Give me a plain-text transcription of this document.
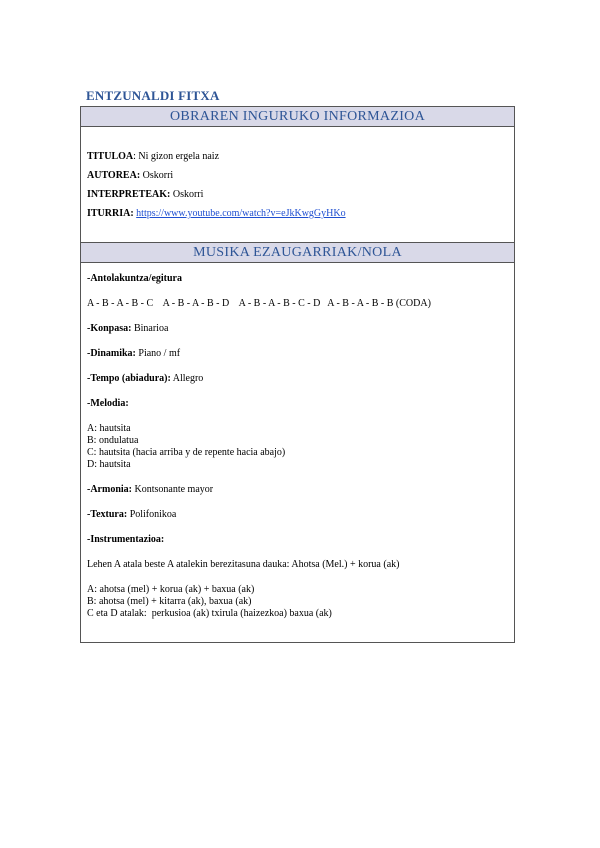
ENTZUNALDI FITXA
OBRAREN INGURUKO INFORMAZIOA
TITULOA: Ni gizon ergela naiz
AUTOREA: Oskorri
INTERPRETEAK: Oskorri
ITURRIA: https://www.youtube.com/watch?v=eJkKwgGyHKo
MUSIKA EZAUGARRIAK/NOLA
-Antolakuntza/egitura
A - B - A - B - C    A - B - A - B - D    A - B - A - B - C - D   A - B - A - B - B (CODA)
-Konpasa: Binarioa
-Dinamika: Piano / mf
-Tempo (abiadura): Allegro
-Melodia:
A: hautsita
B: ondulatua
C: hautsita (hacia arriba y de repente hacia abajo)
D: hautsita
-Armonia: Kontsonante mayor
-Textura: Polifonikoa
-Instrumentazioa:
Lehen A atala beste A atalekin berezitasuna dauka: Ahotsa (Mel.) + korua (ak)
A: ahotsa (mel) + korua (ak) + baxua (ak)
B: ahotsa (mel) + kitarra (ak), baxua (ak)
C eta D atalak:  perkusioa (ak) txirula (haizezkoa) baxua (ak)
